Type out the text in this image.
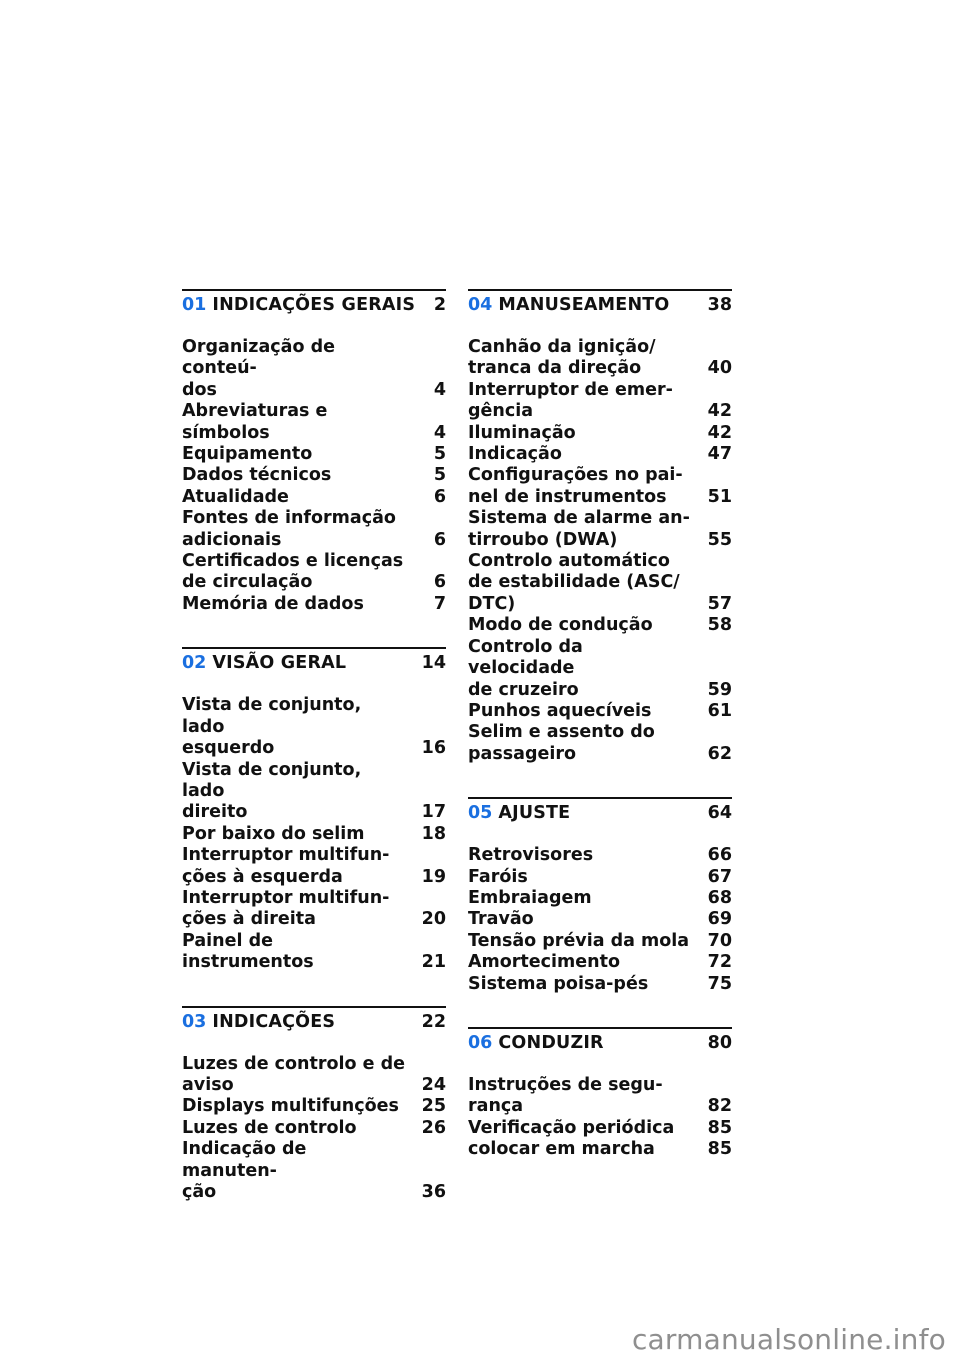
01 INDICAÇÕES GERAIS	2
Organização de conteú-
dos	4
Abreviaturas e símbolos	4
Equipamento	5
Dados técnicos	5
Atualidade	6
Fontes de informação
adicionais	6
Certificados e licenças
de circulação	6
Memória de dados	7
02 VISÃO GERAL	14
Vista de conjunto, lado
esquerdo	16
Vista de conjunto, lado
direito	17
Por baixo do selim	18
Interruptor multifun-
ções à esquerda	19
Interruptor multifun-
ções à direita	20
Painel de instrumentos	21
03 INDICAÇÕES	22
Luzes de controlo e de
aviso	24
Displays multifunções	25
Luzes de controlo	26
Indicação de manuten-
ção	36
04 MANUSEAMENTO	38
Canhão da ignição/
tranca da direção	40
Interruptor de emer-
gência	42
Iluminação	42
Indicação	47
Configurações no pai-
nel de instrumentos	51
Sistema de alarme an-
tirroubo (DWA)	55
Controlo automático
de estabilidade (ASC/
DTC)	57
Modo de condução	58
Controlo da velocidade
de cruzeiro	59
Punhos aquecíveis	61
Selim e assento do
passageiro	62
05 AJUSTE	64
Retrovisores	66
Faróis	67
Embraiagem	68
Travão	69
Tensão prévia da mola	70
Amortecimento	72
Sistema poisa-pés	75
06 CONDUZIR	80
Instruções de segu-
rança	82
Verificação periódica	85
colocar em marcha	85
carmanualsonline.info
